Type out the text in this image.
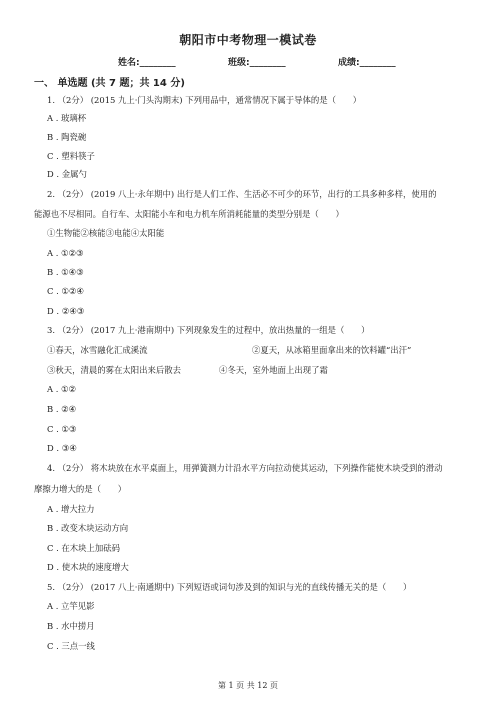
朝阳市中考物理一模试卷
姓名:________	班级:________	成绩:________
一、 单选题 (共 7 题；共 14 分)
1. （2分） (2015 九上·门头沟期末) 下列用品中，通常情况下属于导体的是（　　）
A . 玻璃杯
B . 陶瓷碗
C . 塑料筷子
D . 金属勺
2. （2分） (2019 八上·永年期中) 出行是人们工作、生活必不可少的环节，出行的工具多种多样，使用的
能源也不尽相同。自行车、太阳能小车和电力机车所消耗能量的类型分别是（　　）
①生物能②核能③电能④太阳能
A . ①②③
B . ①④③
C . ①②④
D . ②④③
3. （2分） (2017 九上·港南期中) 下列现象发生的过程中，放出热量的一组是（　　）
①春天，冰雪融化汇成溪流	②夏天，从冰箱里面拿出来的饮料罐“出汗”
③秋天，清晨的雾在太阳出来后散去	④冬天，室外地面上出现了霜
A . ①②
B . ②④
C . ①③
D . ③④
4. （2分） 将木块放在水平桌面上，用弹簧测力计沿水平方向拉动使其运动，下列操作能使木块受到的滑动
摩擦力增大的是（　　）
A . 增大拉力
B . 改变木块运动方向
C . 在木块上加砝码
D . 使木块的速度增大
5. （2分） (2017 八上·南通期中) 下列短语或词句涉及到的知识与光的直线传播无关的是（　　）
A . 立竿见影
B . 水中捞月
C . 三点一线
第 1 页 共 12 页
